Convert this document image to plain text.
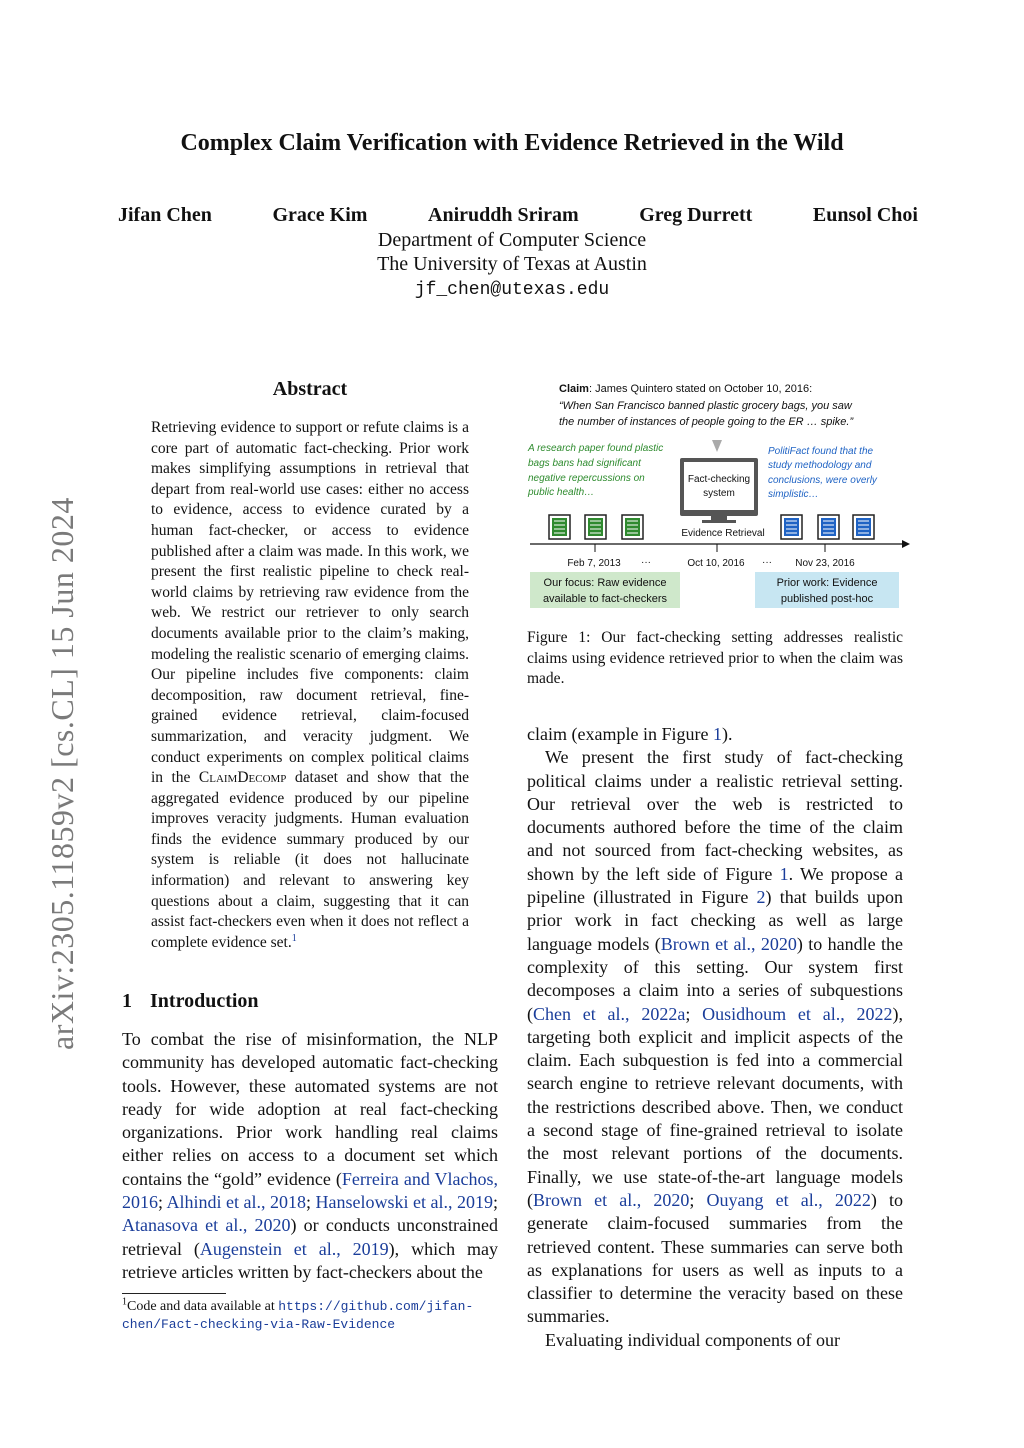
arXiv:2305.11859v2 [cs.CL] 15 Jun 2024
Complex Claim Verification with Evidence Retrieved in the Wild
Jifan Chen	Grace Kim	Aniruddh Sriram	Greg Durrett	Eunsol Choi
Department of Computer Science
The University of Texas at Austin
jf_chen@utexas.edu
Abstract
Retrieving evidence to support or refute claims is a core part of automatic fact-checking. Prior work makes simplifying assumptions in retrieval that depart from real-world use cases: either no access to evidence, access to evidence curated by a human fact-checker, or access to evidence published after a claim was made. In this work, we present the first realistic pipeline to check real-world claims by retrieving raw evidence from the web. We restrict our retriever to only search documents available prior to the claim’s making, modeling the realistic scenario of emerging claims. Our pipeline includes five components: claim decomposition, raw document retrieval, fine-grained evidence retrieval, claim-focused summarization, and veracity judgment. We conduct experiments on complex political claims in the ClaimDecomp dataset and show that the aggregated evidence produced by our pipeline improves veracity judgments. Human evaluation finds the evidence summary produced by our system is reliable (it does not hallucinate information) and relevant to answering key questions about a claim, suggesting that it can assist fact-checkers even when it does not reflect a complete evidence set.$^1$
1 Introduction

To combat the rise of misinformation, the NLP community has developed automatic fact-checking tools. However, these automated systems are not ready for wide adoption at real fact-checking organizations. Prior work handling real claims either relies on access to a document set which contains the “gold” evidence (Ferreira and Vlachos, 2016; Alhindi et al., 2018; Hanselowski et al., 2019; Atanasova et al., 2020) or conducts unconstrained retrieval (Augenstein et al., 2019), which may retrieve articles written by fact-checkers about the

$^1$Code and data available at https://github.com/jifan-chen/Fact-checking-via-Raw-Evidence
Claim: James Quintero stated on October 10, 2016:
“When San Francisco banned plastic grocery bags, you saw
the number of instances of people going to the ER … spike.”
A research paper found plastic
bags bans had significant
negative repercussions on
public health…
PolitiFact found that the
study methodology and
conclusions, were overly
simplistic…
Fact-checking
system
Evidence Retrieval
Feb 7, 2013 ···	Oct 10, 2016 ··· Nov 23, 2016
Our focus: Raw evidence
available to fact-checkers
Prior work: Evidence
published post-hoc
Figure 1: Our fact-checking setting addresses realistic claims using evidence retrieved prior to when the claim was made.

claim (example in Figure 1).

We present the first study of fact-checking political claims under a realistic retrieval setting. Our retrieval over the web is restricted to documents authored before the time of the claim and not sourced from fact-checking websites, as shown by the left side of Figure 1. We propose a pipeline (illustrated in Figure 2) that builds upon prior work in fact checking as well as large language models (Brown et al., 2020) to handle the complexity of this setting. Our system first decomposes a claim into a series of subquestions (Chen et al., 2022a; Ousidhoum et al., 2022), targeting both explicit and implicit aspects of the claim. Each subquestion is fed into a commercial search engine to retrieve relevant documents, with the restrictions described above. Then, we conduct a second stage of fine-grained retrieval to isolate the most relevant portions of the documents. Finally, we use state-of-the-art language models (Brown et al., 2020; Ouyang et al., 2022) to generate claim-focused summaries from the retrieved content. These summaries can serve both as explanations for users as well as inputs to a classifier to determine the veracity based on these summaries.

Evaluating individual components of our
